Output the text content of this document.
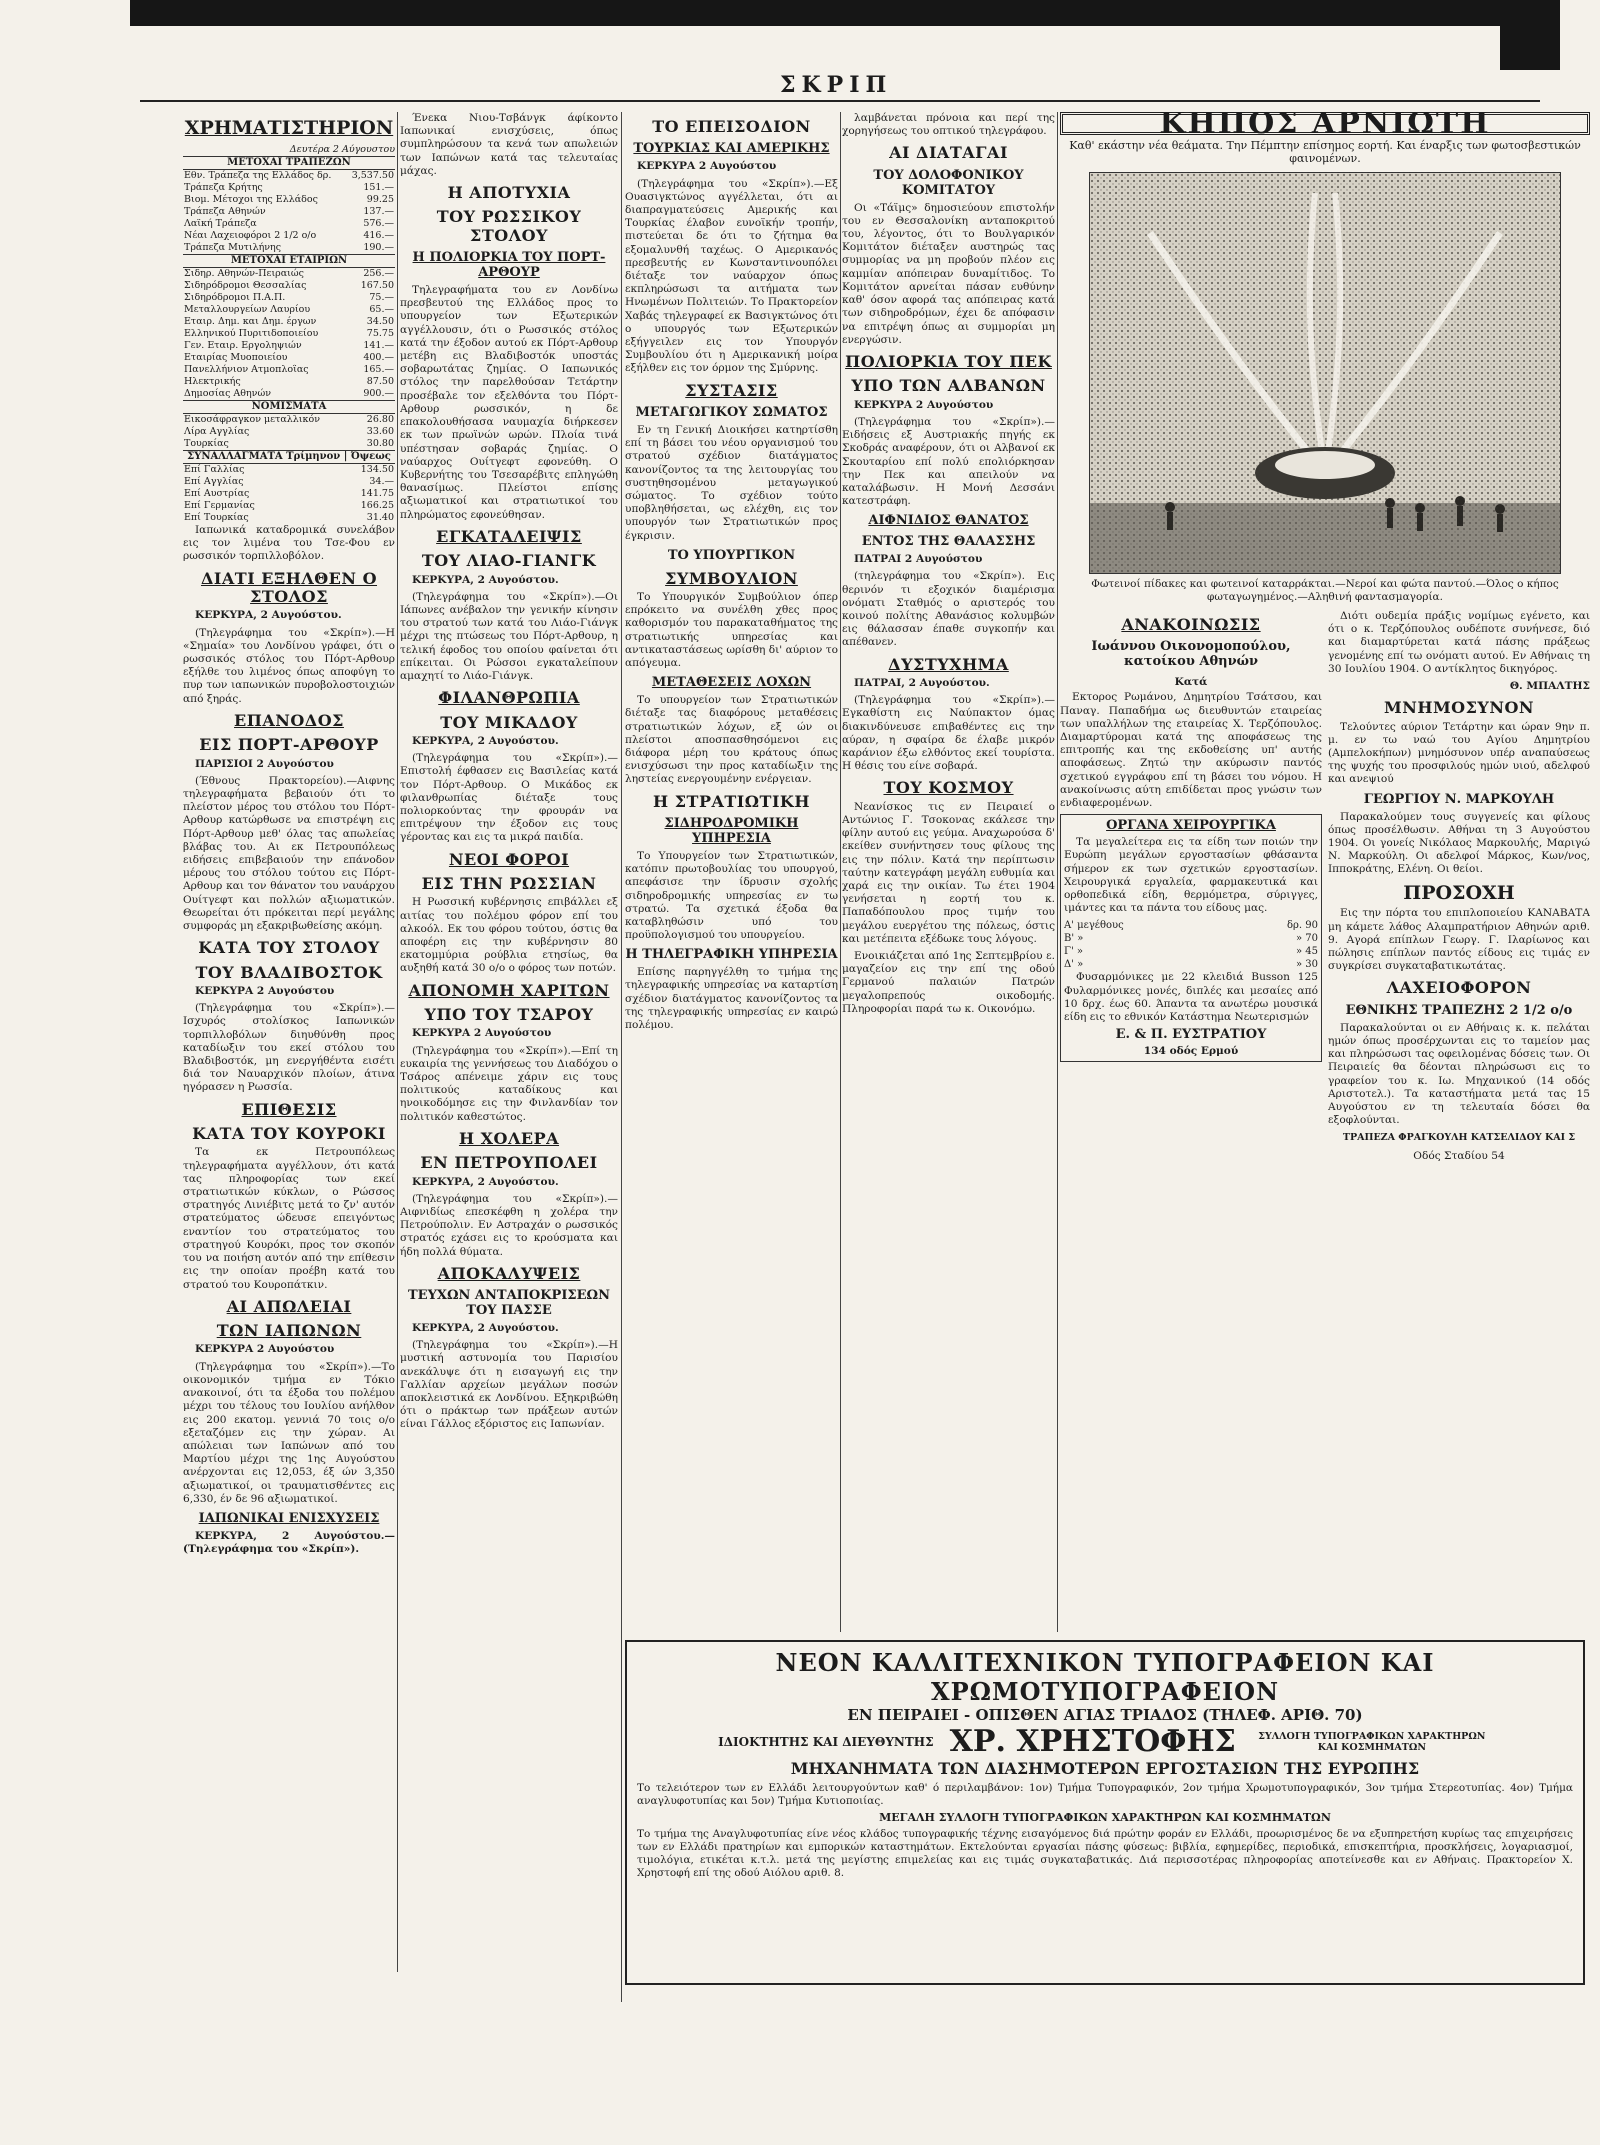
ΣΚΡΙΠ
ΧΡΗΜΑΤΙΣΤΗΡΙΟΝ
Δευτέρα 2 Αύγουστου
ΜΕΤΟΧΑΙ ΤΡΑΠΕΖΩΝ	
Εθν. Τράπεζα της Ελλάδος δρ.	3,537.50
Τράπεζα Κρήτης	151.—
Βιομ. Μέτοχοι της Ελλάδος	99.25
Τράπεζα Αθηνών	137.—
Λαϊκή Τράπεζα	576.—
Νέαι Λαχειοφόροι 2 1/2 ο/ο	416.—
Τράπεζα Μυτιλήνης	190.—
ΜΕΤΟΧΑΙ ΕΤΑΙΡΙΩΝ	
Σιδηρ. Αθηνών-Πειραιώς	256.—
Σιδηρόδρομοι Θεσσαλίας	167.50
Σιδηρόδρομοι Π.Α.Π.	75.—
Μεταλλουργείων Λαυρίου	65.—
Εταιρ. Δημ. και Δημ. έργων	34.50
Ελληνικού Πυριτιδοποιείου	75.75
Γεν. Εταιρ. Εργοληψιών	141.—
Εταιρίας Μυοποιείου	400.—
Πανελλήνιον Ατμοπλοΐας	165.—
Ηλεκτρικής	87.50
Δημοσίας Αθηνών	900.—
ΝΟΜΙΣΜΑΤΑ	
Εικοσάφραγκον μεταλλικόν	26.80
Λίρα Αγγλίας	33.60
Τουρκίας	30.80
ΣΥΝΑΛΛΑΓΜΑΤΑ Τρίμηνον | Όψεως	
Επί Γαλλίας	134.50
Επί Αγγλίας	34.—
Επί Αυστρίας	141.75
Επί Γερμανίας	166.25
Επί Τουρκίας	31.40

Ιαπωνικά καταδρομικά συνελάβον εις τον λιμένα του Τσε-Φου εν ρωσσικόν τορπιλλοβόλον.

ΔΙΑΤΙ ΕΞΗΛΘΕΝ Ο ΣΤΟΛΟΣ

ΚΕΡΚΥΡΑ, 2 Αυγούστου.

(Τηλεγράφημα του «Σκρίπ»).—Η «Σημαία» του Λονδίνου γράφει, ότι ο ρωσσικός στόλος του Πόρτ-Αρθουρ εξήλθε του λιμένος όπως αποφύγη το πυρ των ιαπωνικών πυροβολοστοιχιών από ξηράς.

ΕΠΑΝΟΔΟΣ
ΕΙΣ ΠΟΡΤ-ΑΡΘΟΥΡ

ΠΑΡΙΣΙΟΙ 2 Αυγούστου

(Έθνους Πρακτορείου).—Αιφνης τηλεγραφήματα βεβαιούν ότι το πλείστον μέρος του στόλου του Πόρτ-Αρθουρ κατώρθωσε να επιστρέψη εις Πόρτ-Αρθουρ μεθ' όλας τας απωλείας βλάβας του. Αι εκ Πετρουπόλεως ειδήσεις επιβεβαιούν την επάνοδον μέρους του στόλου τούτου εις Πόρτ-Αρθουρ και τον θάνατον του ναυάρχου Ουίτγεφτ και πολλών αξιωματικών. Θεωρείται ότι πρόκειται περί μεγάλης συμφοράς μη εξακριβωθείσης ακόμη.

ΚΑΤΑ ΤΟΥ ΣΤΟΛΟΥ
ΤΟΥ ΒΛΑΔΙΒΟΣΤΟΚ

ΚΕΡΚΥΡΑ 2 Αυγούστου

(Τηλεγράφημα του «Σκρίπ»).—Ισχυρός στολίσκος Ιαπωνικών τορπιλλοβόλων διηυθύνθη προς καταδίωξιν του εκεί στόλου του Βλαδιβοστόκ, μη ενεργήθέντα εισέτι διά τον Ναυαρχικόν πλοίων, άτινα ηγόρασεν η Ρωσσία.

ΕΠΙΘΕΣΙΣ
ΚΑΤΑ ΤΟΥ ΚΟΥΡΟΚΙ

Τα εκ Πετρουπόλεως τηλεγραφήματα αγγέλλουν, ότι κατά τας πληροφορίας των εκεί στρατιωτικών κύκλων, ο Ρώσσος στρατηγός Λινιέβιτς μετά το ζν' αυτόν στρατεύματος ώδευσε επειγόντως εναντίον του στρατεύματος του στρατηγού Κουρόκι, προς τον σκοπόν του να ποιήση αυτόν από την επίθεσιν εις την οποίαν προέβη κατά του στρατού του Κουροπάτκιν.

ΑΙ ΑΠΩΛΕΙΑΙ
ΤΩΝ ΙΑΠΩΝΩΝ

ΚΕΡΚΥΡΑ 2 Αυγούστου

(Τηλεγράφημα του «Σκρίπ»).—Το οικονομικόν τμήμα εν Τόκιο ανακοινοί, ότι τα έξοδα του πολέμου μέχρι του τέλους του Ιουλίου ανήλθον εις 200 εκατομ. γεννιά 70 τοις ο/ο εξεταζόμεν εις την χώραν. Αι απώλειαι των Ιαπώνων από του Μαρτίου μέχρι της 1ης Αυγούστου ανέρχονται εις 12,053, έξ ών 3,350 αξιωματικοί, οι τραυματισθέντες εις 6,330, έν δε 96 αξιωματικοί.

ΙΑΠΩΝΙΚΑΙ ΕΝΙΣΧΥΣΕΙΣ

ΚΕΡΚΥΡΑ, 2 Αυγούστου.—(Τηλεγράφημα του «Σκρίπ»).

Ένεκα Νιου-Τσβάνγκ άφίκοντο Ιαπωνικαί ενισχύσεις, όπως συμπληρώσουν τα κενά των απωλειών των Ιαπώνων κατά τας τελευταίας μάχας.

Η ΑΠΟΤΥΧΙΑ
ΤΟΥ ΡΩΣΣΙΚΟΥ ΣΤΟΛΟΥ
Η ΠΟΛΙΟΡΚΙΑ ΤΟΥ ΠΟΡΤ-ΑΡΘΟΥΡ

Τηλεγραφήματα του εν Λονδίνω πρεσβευτού της Ελλάδος προς το υπουργείον των Εξωτερικών αγγέλλουσιν, ότι ο Ρωσσικός στόλος κατά την έξοδον αυτού εκ Πόρτ-Αρθουρ μετέβη εις Βλαδιβοστόκ υποστάς σοβαρωτάτας ζημίας. Ο Ιαπωνικός στόλος την παρελθούσαν Τετάρτην προσέβαλε τον εξελθόντα του Πόρτ-Αρθουρ ρωσσικόν, η δε επακολουθήσασα ναυμαχία διήρκεσεν εκ των πρωϊνών ωρών. Πλοία τινά υπέστησαν σοβαράς ζημίας. Ο ναύαρχος Ουίτγεφτ εφονεύθη. Ο Κυβερνήτης του Τσεσαρέβιτς επληγώθη θανασίμως. Πλείστοι επίσης αξιωματικοί και στρατιωτικοί του πληρώματος εφονεύθησαν.

ΕΓΚΑΤΑΛΕΙΨΙΣ
ΤΟΥ ΛΙΑΟ-ΓΙΑΝΓΚ

ΚΕΡΚΥΡΑ, 2 Αυγούστου.

(Τηλεγράφημα του «Σκρίπ»).—Οι Ιάπωνες ανέβαλον την γενικήν κίνησιν του στρατού των κατά του Λιάο-Γιάνγκ μέχρι της πτώσεως του Πόρτ-Αρθουρ, η τελική έφοδος του οποίου φαίνεται ότι επίκειται. Οι Ρώσσοι εγκαταλείπουν αμαχητί το Λιάο-Γιάνγκ.

ΦΙΛΑΝΘΡΩΠΙΑ
ΤΟΥ ΜΙΚΑΔΟΥ

ΚΕΡΚΥΡΑ, 2 Αυγούστου.

(Τηλεγράφημα του «Σκρίπ»).—Επιστολή έφθασεν εις Βασιλείας κατά τον Πόρτ-Αρθουρ. Ο Μικάδος εκ φιλανθρωπίας διέταξε τους πολιορκούντας την φρουράν να επιτρέψουν την έξοδον εις τους γέροντας και εις τα μικρά παιδία.

ΝΕΟΙ ΦΟΡΟΙ
ΕΙΣ ΤΗΝ ΡΩΣΣΙΑΝ

Η Ρωσσική κυβέρνησις επιβάλλει εξ αιτίας του πολέμου φόρον επί του αλκοόλ. Εκ του φόρου τούτου, όστις θα αποφέρη εις την κυβέρνησιν 80 εκατομμύρια ρούβλια ετησίως, θα αυξηθή κατά 30 ο/ο ο φόρος των ποτών.

ΑΠΟΝΟΜΗ ΧΑΡΙΤΩΝ
ΥΠΟ ΤΟΥ ΤΣΑΡΟΥ

ΚΕΡΚΥΡΑ 2 Αυγούστου

(Τηλεγράφημα του «Σκρίπ»).—Επί τη ευκαιρία της γεννήσεως του Διαδόχου ο Τσάρος απένειμε χάριν εις τους πολιτικούς καταδίκους και ηνοικοδόμησε εις την Φινλανδίαν τον πολιτικόν καθεστώτος.

Η ΧΟΛΕΡΑ
ΕΝ ΠΕΤΡΟΥΠΟΛΕΙ

ΚΕΡΚΥΡΑ, 2 Αυγούστου.

(Τηλεγράφημα του «Σκρίπ»).—Αιφνιδίως επεσκέφθη η χολέρα την Πετρούπολιν. Εν Αστραχάν ο ρωσσικός στρατός εχάσει εις το κρούσματα και ήδη πολλά θύματα.

ΑΠΟΚΑΛΥΨΕΙΣ
ΤΕΥΧΩΝ ΑΝΤΑΠΟΚΡΙΣΕΩΝ ΤΟΥ ΠΑΣΣΕ

ΚΕΡΚΥΡΑ, 2 Αυγούστου.

(Τηλεγράφημα του «Σκρίπ»).—Η μυστική αστυνομία του Παρισίου ανεκάλυψε ότι η εισαγωγή εις την Γαλλίαν αρχείων μεγάλων ποσών αποκλειστικά εκ Λονδίνου. Εξηκριβώθη ότι ο πράκτωρ των πράξεων αυτών είναι Γάλλος εξόριστος εις Ιαπωνίαν.

ΤΟ ΕΠΕΙΣΟΔΙΟΝ
ΤΟΥΡΚΙΑΣ ΚΑΙ ΑΜΕΡΙΚΗΣ

ΚΕΡΚΥΡΑ 2 Αυγούστου

(Τηλεγράφημα του «Σκρίπ»).—Εξ Ουασιγκτώνος αγγέλλεται, ότι αι διαπραγματεύσεις Αμερικής και Τουρκίας έλαβον ευνοϊκήν τροπήν, πιστεύεται δε ότι το ζήτημα θα εξομαλυνθή ταχέως. Ο Αμερικανός πρεσβευτής εν Κωνσταντινουπόλει διέταξε τον ναύαρχον όπως εκπληρώσωσι τα αιτήματα των Ηνωμένων Πολιτειών. Το Πρακτορείον Χαβάς τηλεγραφεί εκ Βασιγκτώνος ότι ο υπουργός των Εξωτερικών εξήγγειλεν εις τον Υπουργόν Συμβουλίου ότι η Αμερικανική μοίρα εξήλθεν εις τον όρμον της Σμύρνης.

ΣΥΣΤΑΣΙΣ
ΜΕΤΑΓΩΓΙΚΟΥ ΣΩΜΑΤΟΣ

Εν τη Γενική Διοικήσει κατηρτίσθη επί τη βάσει του νέου οργανισμού του στρατού σχέδιον διατάγματος κανονίζοντος τα της λειτουργίας του συστηθησομένου μεταγωγικού σώματος. Το σχέδιον τούτο υποβληθήσεται, ως ελέχθη, εις τον υπουργόν των Στρατιωτικών προς έγκρισιν.

ΤΟ ΥΠΟΥΡΓΙΚΟΝ
ΣΥΜΒΟΥΛΙΟΝ

Το Υπουργικόν Συμβούλιον όπερ επρόκειτο να συνέλθη χθες προς καθορισμόν του παρακαταθήματος της στρατιωτικής υπηρεσίας και αντικαταστάσεως ωρίσθη δι' αύριον το απόγευμα.

ΜΕΤΑΘΕΣΕΙΣ ΛΟΧΩΝ

Το υπουργείον των Στρατιωτικών διέταξε τας διαφόρους μεταθέσεις στρατιωτικών λόχων, εξ ών οι πλείστοι αποσπασθησόμενοι εις διάφορα μέρη του κράτους όπως ενισχύσωσι την προς καταδίωξιν της ληστείας ενεργουμένην ενέργειαν.

Η ΣΤΡΑΤΙΩΤΙΚΗ
ΣΙΔΗΡΟΔΡΟΜΙΚΗ ΥΠΗΡΕΣΙΑ

Το Υπουργείον των Στρατιωτικών, κατόπιν πρωτοβουλίας του υπουργού, απεφάσισε την ίδρυσιν σχολής σιδηροδρομικής υπηρεσίας εν τω στρατώ. Τα σχετικά έξοδα θα καταβληθώσιν υπό του προϋπολογισμού του υπουργείου.

Η ΤΗΛΕΓΡΑΦΙΚΗ ΥΠΗΡΕΣΙΑ

Επίσης παρηγγέλθη το τμήμα της τηλεγραφικής υπηρεσίας να καταρτίση σχέδιον διατάγματος κανονίζοντος τα της τηλεγραφικής υπηρεσίας εν καιρώ πολέμου.

λαμβάνεται πρόνοια και περί της χορηγήσεως του οπτικού τηλεγράφου.

ΑΙ ΔΙΑΤΑΓΑΙ
ΤΟΥ ΔΟΛΟΦΟΝΙΚΟΥ ΚΟΜΙΤΑΤΟΥ

Οι «Τάϊμς» δημοσιεύουν επιστολήν του εν Θεσσαλονίκη ανταποκριτού του, λέγοντος, ότι το Βουλγαρικόν Κομιτάτον διέταξεν αυστηρώς τας συμμορίας να μη προβούν πλέον εις καμμίαν απόπειραν δυναμίτιδος. Το Κομιτάτον αρνείται πάσαν ευθύνην καθ' όσον αφορά τας απόπειρας κατά των σιδηροδρόμων, έχει δε απόφασιν να επιτρέψη όπως αι συμμορίαι μη ενεργώσιν.

ΠΟΛΙΟΡΚΙΑ ΤΟΥ ΠΕΚ
ΥΠΟ ΤΩΝ ΑΛΒΑΝΩΝ

ΚΕΡΚΥΡΑ 2 Αυγούστου

(Τηλεγράφημα του «Σκρίπ»).—Ειδήσεις εξ Αυστριακής πηγής εκ Σκοδράς αναφέρουν, ότι οι Αλβανοί εκ Σκουταρίου επί πολύ επολιόρκησαν την Πεκ και απειλούν να καταλάβωσιν. Η Μονή Δεσσάνι κατεστράφη.

ΑΙΦΝΙΔΙΟΣ ΘΑΝΑΤΟΣ
ΕΝΤΟΣ ΤΗΣ ΘΑΛΑΣΣΗΣ

ΠΑΤΡΑΙ 2 Αυγούστου

(τηλεγράφημα του «Σκρίπ»). Εις θερινόν τι εξοχικόν διαμέρισμα ονόματι Σταθμός ο αριστερός του κοινού πολίτης Αθανάσιος κολυμβών εις θάλασσαν έπαθε συγκοπήν και απέθανεν.

ΔΥΣΤΥΧΗΜΑ

ΠΑΤΡΑΙ, 2 Αυγούστου.

(Τηλεγράφημα του «Σκρίπ»).—Εγκαθίστη εις Ναύπακτον όμας διακινδύνευσε επιβαθέντες εις την αύραν, η σφαίρα δε έλαβε μικρόν καράνιον έξω ελθόντος εκεί τουρίστα. Η θέσις του είνε σοβαρά.

ΤΟΥ ΚΟΣΜΟΥ

Νεανίσκος τις εν Πειραιεί ο Αντώνιος Γ. Τσοκονας εκάλεσε την φίλην αυτού εις γεύμα. Αναχωρούσα δ' εκείθεν συνήντησεν τους φίλους της εις την πόλιν. Κατά την περίπτωσιν ταύτην κατεγράφη μεγάλη ευθυμία και χαρά εις την οικίαν. Τω έτει 1904 γενήσεται η εορτή του κ. Παπαδόπουλου προς τιμήν του μεγάλου ευεργέτου της πόλεως, όστις και μετέπειτα εξέδωκε τους λόγους.

Ενοικιάζεται από 1ης Σεπτεμβρίου ε. μαγαζείον εις την επί της οδού Γερμανού παλαιών Πατρών μεγαλοπρεπούς οικοδομής. Πληροφορίαι παρά τω κ. Οικονόμω.

ΚΗΠΟΣ ΑΡΝΙΩΤΗ
Καθ' εκάστην νέα θεάματα. Την Πέμπτην επίσημος εορτή. Και έναρξις των φωτοσβεστικών φαινομένων.
Φωτεινοί πίδακες και φωτεινοί καταρράκται.—Νεροί και φώτα παντού.—Όλος ο κήπος φωταγωγημένος.—Αληθινή φαντασμαγορία.
ΑΝΑΚΟΙΝΩΣΙΣ
Ιωάννου Οικονομοπούλου, κατοίκου Αθηνών
Κατά

Εκτορος Ρωμάνου, Δημητρίου Τσάτσου, και Παναγ. Παπαδήμα ως διευθυντών εταιρείας των υπαλλήλων της εταιρείας Χ. Τερζόπουλος. Διαμαρτύρομαι κατά της αποφάσεως της επιτροπής και της εκδοθείσης υπ' αυτής αποφάσεως. Ζητώ την ακύρωσιν παντός σχετικού εγγράφου επί τη βάσει του νόμου. Η ανακοίνωσις αύτη επιδίδεται προς γνώσιν των ενδιαφερομένων.

ΟΡΓΑΝΑ ΧΕΙΡΟΥΡΓΙΚΑ

Τα μεγαλείτερα εις τα είδη των ποιών την Ευρώπη μεγάλων εργοστασίων φθάσαντα σήμερον εκ των σχετικών εργοστασίων. Χειρουργικά εργαλεία, φαρμακευτικά και ορθοπεδικά είδη, θερμόμετρα, σύριγγες, ιμάντες και τα πάντα του είδους μας.

Α' μεγέθους	δρ. 90
Β' »	» 70
Γ' »	» 45
Δ' »	» 30

Φυσαρμόνικες με 22 κλειδιά Busson 125 Φυλαρμόνικες μονές, διπλές και μεσαίες από 10 δρχ. έως 60. Άπαντα τα ανωτέρω μουσικά είδη εις το εθνικόν Κατάστημα Νεωτερισμών

Ε. & Π. ΕΥΣΤΡΑΤΙΟΥ
134 οδός Ερμού

Διότι ουδεμία πράξις νομίμως εγένετο, και ότι ο κ. Τερζόπουλος ουδέποτε συνήνεσε, διό και διαμαρτύρεται κατά πάσης πράξεως γενομένης επί τω ονόματι αυτού. Εν Αθήναις τη 30 Ιουλίου 1904. Ο αντίκλητος δικηγόρος.

Θ. ΜΠΑΛΤΗΣ
ΜΝΗΜΟΣΥΝΟΝ

Τελούντες αύριον Τετάρτην και ώραν 9ην π. μ. εν τω ναώ του Αγίου Δημητρίου (Αμπελοκήπων) μνημόσυνον υπέρ αναπαύσεως της ψυχής του προσφιλούς ημών υιού, αδελφού και ανεψιού

ΓΕΩΡΓΙΟΥ Ν. ΜΑΡΚΟΥΛΗ

Παρακαλούμεν τους συγγενείς και φίλους όπως προσέλθωσιν. Αθήναι τη 3 Αυγούστου 1904. Οι γονείς Νικόλαος Μαρκουλής, Μαριγώ Ν. Μαρκούλη. Οι αδελφοί Μάρκος, Κων/νος, Ιπποκράτης, Ελένη. Οι θείοι.

ΠΡΟΣΟΧΗ

Εις την πόρτα του επιπλοποιείου ΚΑΝΑΒΑΤΑ μη κάμετε λάθος Αλαμπρατήριον Αθηνών αριθ. 9. Αγορά επίπλων Γεωργ. Γ. Ιλαρίωνος και πώλησις επίπλων παντός είδους εις τιμάς εν συγκρίσει συγκαταβατικωτάτας.

ΛΑΧΕΙΟΦΟΡΟΝ
ΕΘΝΙΚΗΣ ΤΡΑΠΕΖΗΣ 2 1/2 ο/ο

Παρακαλούνται οι εν Αθήναις κ. κ. πελάται ημών όπως προσέρχωνται εις το ταμείον μας και πληρώσωσι τας οφειλομένας δόσεις των. Οι Πειραιείς θα δέονται πληρώσωσι εις το γραφείον του κ. Ιω. Μηχανικού (14 οδός Αριστοτελ.). Τα καταστήματα μετά τας 15 Αυγούστου εν τη τελευταία δόσει θα εξοφλούνται.

ΤΡΑΠΕΖΑ ΦΡΑΓΚΟΥΛΗ ΚΑΤΣΕΛΙΔΟΥ ΚΑΙ Σ
Οδός Σταδίου 54
ΝΕΟΝ ΚΑΛΛΙΤΕΧΝΙΚΟΝ ΤΥΠΟΓΡΑΦΕΙΟΝ ΚΑΙ ΧΡΩΜΟΤΥΠΟΓΡΑΦΕΙΟΝ
ΕΝ ΠΕΙΡΑΙΕΙ - ΟΠΙΣΘΕΝ ΑΓΙΑΣ ΤΡΙΑΔΟΣ (ΤΗΛΕΦ. ΑΡΙΘ. 70)
ΙΔΙΟΚΤΗΤΗΣ ΚΑΙ ΔΙΕΥΘΥΝΤΗΣ ΧΡ. ΧΡΗΣΤΟΦΗΣ	ΣΥΛΛΟΓΗ ΤΥΠΟΓΡΑΦΙΚΩΝ ΧΑΡΑΚΤΗΡΩΝ ΚΑΙ ΚΟΣΜΗΜΑΤΩΝ
ΜΗΧΑΝΗΜΑΤΑ ΤΩΝ ΔΙΑΣΗΜΟΤΕΡΩΝ ΕΡΓΟΣΤΑΣΙΩΝ ΤΗΣ ΕΥΡΩΠΗΣ
Το τελειότερον των εν Ελλάδι λειτουργούντων καθ' ό περιλαμβάνον: 1ον) Τμήμα Τυπογραφικόν, 2ον τμήμα Χρωμοτυπογραφικόν, 3ον τμήμα Στερεοτυπίας. 4ον) Τμήμα αναγλυφοτυπίας και 5ον) Τμήμα Κυτιοποιίας.
ΜΕΓΑΛΗ ΣΥΛΛΟΓΗ ΤΥΠΟΓΡΑΦΙΚΩΝ ΧΑΡΑΚΤΗΡΩΝ ΚΑΙ ΚΟΣΜΗΜΑΤΩΝ
Το τμήμα της Αναγλυφοτυπίας είνε νέος κλάδος τυπογραφικής τέχνης εισαγόμενος διά πρώτην φοράν εν Ελλάδι, προωρισμένος δε να εξυπηρετήση κυρίως τας επιχειρήσεις των εν Ελλάδι πρατηρίων και εμπορικών καταστημάτων. Εκτελούνται εργασίαι πάσης φύσεως: βιβλία, εφημερίδες, περιοδικά, επισκεπτήρια, προσκλήσεις, λογαριασμοί, τιμολόγια, ετικέται κ.τ.λ. μετά της μεγίστης επιμελείας και εις τιμάς συγκαταβατικάς. Διά περισσοτέρας πληροφορίας αποτείνεσθε και εν Αθήναις. Πρακτορείον Χ. Χρηστοφή επί της οδού Αιόλου αριθ. 8.
